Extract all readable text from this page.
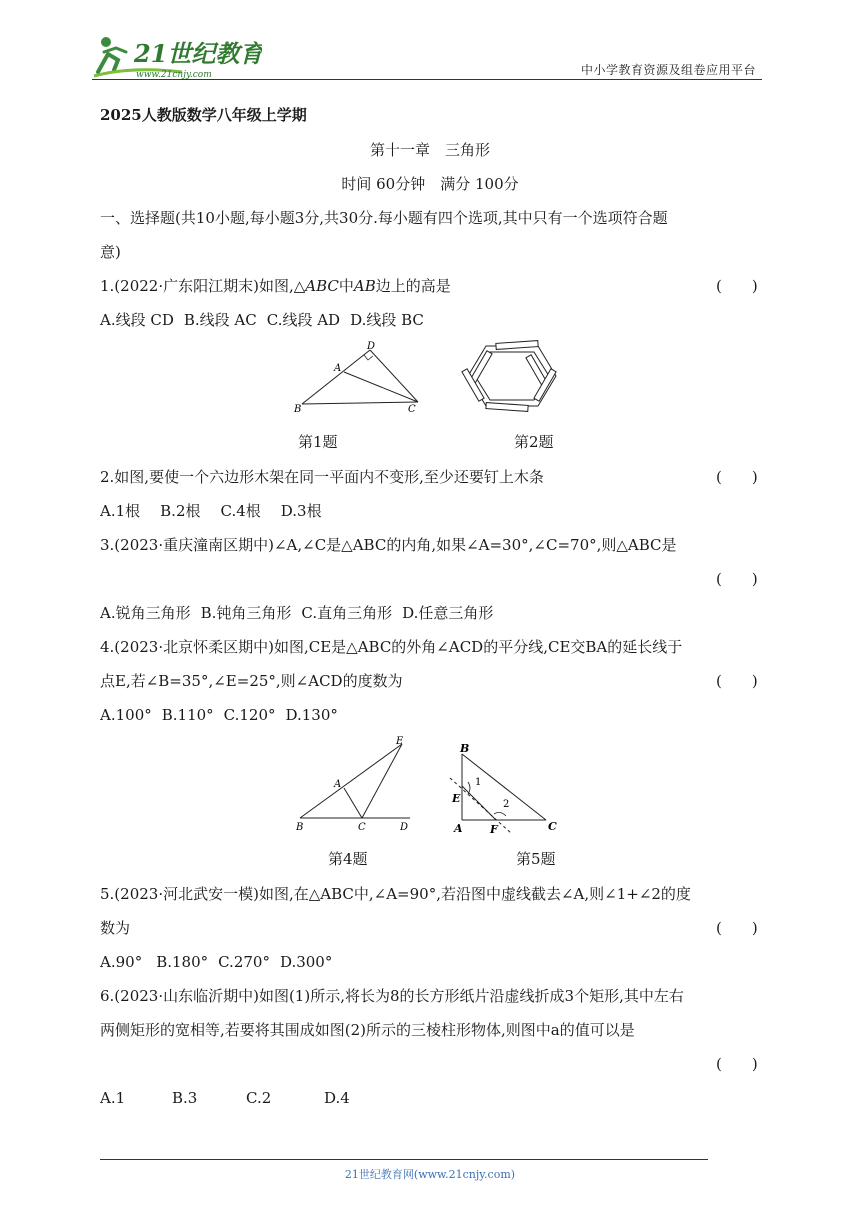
21世纪教育
www.21cnjy.com	中小学教育资源及组卷应用平台
2025人教版数学八年级上学期
第十一章　三角形
时间 60分钟　满分 100分
一、选择题(共10小题,每小题3分,共30分.每小题有四个选项,其中只有一个选项符合题
意)
1.(2022·广东阳江期末)如图,△ABC中AB边上的高是	(　　)
A.线段 CD B.线段 AC C.线段 AD D.线段 BC
A
B	C
D
第1题	第2题
2.如图,要使一个六边形木架在同一平面内不变形,至少还要钉上木条	(　　)
A.1根 B.2根 C.4根 D.3根
3.(2023·重庆潼南区期中)∠A,∠C是△ABC的内角,如果∠A=30°,∠C=70°,则△ABC是
(　　)
A.锐角三角形 B.钝角三角形 C.直角三角形 D.任意三角形
4.(2023·北京怀柔区期中)如图,CE是△ABC的外角∠ACD的平分线,CE交BA的延长线于
点E,若∠B=35°,∠E=25°,则∠ACD的度数为	(　　)
A.100° B.110° C.120° D.130°
A
B	C	D
E
第4题
B
A	C
E
F
1
2
第5题
5.(2023·河北武安一模)如图,在△ABC中,∠A=90°,若沿图中虚线截去∠A,则∠1+∠2的度
数为	(　　)
A.90° B.180° C.270° D.300°
6.(2023·山东临沂期中)如图(1)所示,将长为8的长方形纸片沿虚线折成3个矩形,其中左右
两侧矩形的宽相等,若要将其围成如图(2)所示的三棱柱形物体,则图中a的值可以是
(　　)
A.1	B.3	C.2	D.4
21世纪教育网(www.21cnjy.com)
